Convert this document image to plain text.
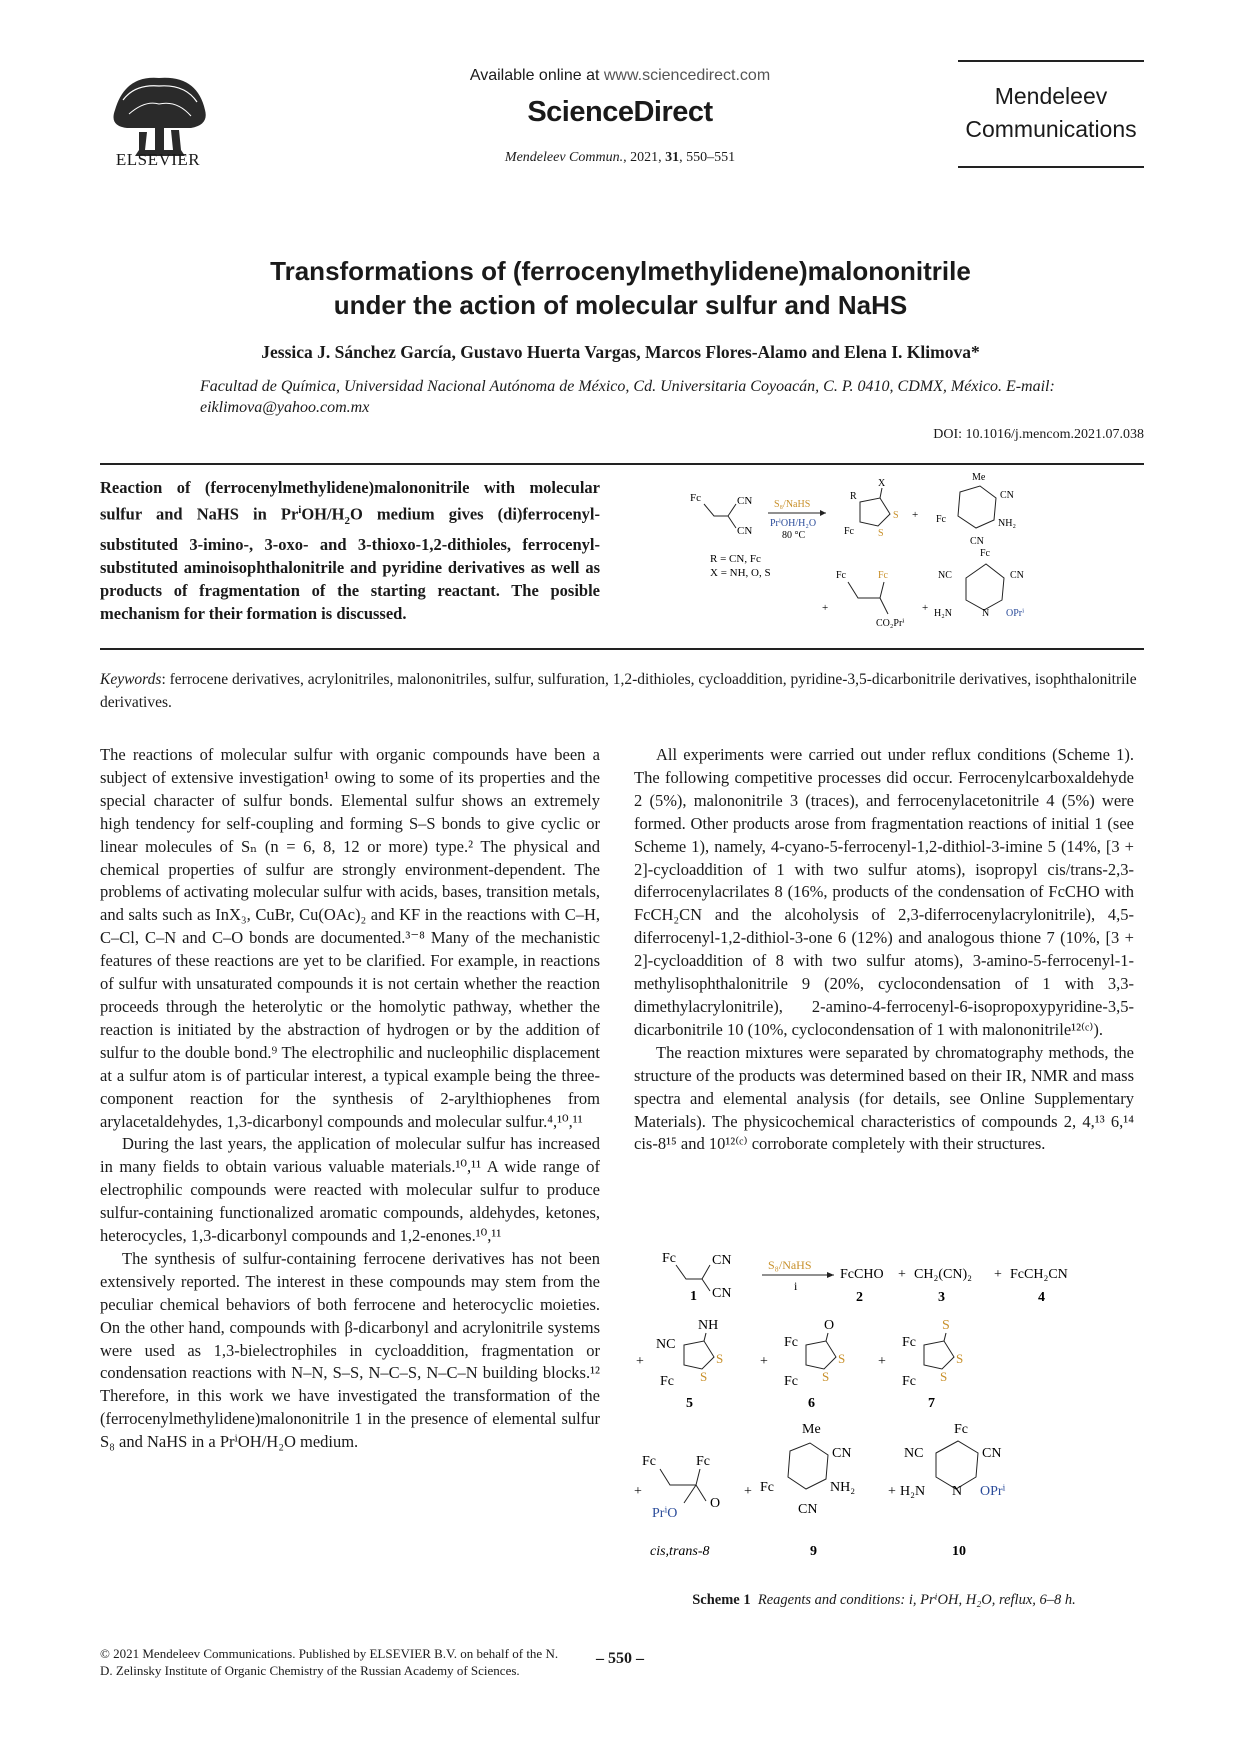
ELSEVIER
Available online at www.sciencedirect.com
ScienceDirect
Mendeleev Commun., 2021, 31, 550–551
Mendeleev
Communications
Transformations of (ferrocenylmethylidene)malononitrile
under the action of molecular sulfur and NaHS
Jessica J. Sánchez García, Gustavo Huerta Vargas, Marcos Flores-Alamo and Elena I. Klimova*
Facultad de Química, Universidad Nacional Autónoma de México, Cd. Universitaria Coyoacán, C. P. 0410, CDMX, México. E-mail: eiklimova@yahoo.com.mx
DOI: 10.1016/j.mencom.2021.07.038
Reaction of (ferrocenylmethylidene)malononitrile with molecular sulfur and NaHS in $Pr^iOH/H_2O$ medium gives (di)ferrocenyl-substituted 3-imino-, 3-oxo- and 3-thioxo-1,2-dithioles, ferrocenyl-substituted aminoisophthalonitrile and pyridine derivatives as well as products of fragmentation of the starting reactant. The posible mechanism for their formation is discussed.
Fc	CN
CN
S₈/NaHS
PrⁱOH/H₂O
80 °C
R
X
S
S
Fc
+
Me
CN
NH₂
Fc
CN
R = CN, Fc
X = NH, O, S
+
Fc	Fc
CO₂Prⁱ
+
Fc
NC	CN
H₂N	N OPrⁱ
Keywords: ferrocene derivatives, acrylonitriles, malononitriles, sulfur, sulfuration, 1,2-dithioles, cycloaddition, pyridine-3,5-dicarbonitrile derivatives, isophthalonitrile derivatives.

The reactions of molecular sulfur with organic compounds have been a subject of extensive investigation¹ owing to some of its properties and the special character of sulfur bonds. Elemental sulfur shows an extremely high tendency for self-coupling and forming S–S bonds to give cyclic or linear molecules of Sₙ (n = 6, 8, 12 or more) type.² The physical and chemical properties of sulfur are strongly environment-dependent. The problems of activating molecular sulfur with acids, bases, transition metals, and salts such as InX₃, CuBr, Cu(OAc)₂ and KF in the reactions with C–H, C–Cl, C–N and C–O bonds are documented.³⁻⁸ Many of the mechanistic features of these reactions are yet to be clarified. For example, in reactions of sulfur with unsaturated compounds it is not certain whether the reaction proceeds through the heterolytic or the homolytic pathway, whether the reaction is initiated by the abstraction of hydrogen or by the addition of sulfur to the double bond.⁹ The electrophilic and nucleophilic displacement at a sulfur atom is of particular interest, a typical example being the three-component reaction for the synthesis of 2-arylthiophenes from arylacetaldehydes, 1,3-dicarbonyl compounds and molecular sulfur.⁴,¹⁰,¹¹

During the last years, the application of molecular sulfur has increased in many fields to obtain various valuable materials.¹⁰,¹¹ A wide range of electrophilic compounds were reacted with molecular sulfur to produce sulfur-containing functionalized aromatic compounds, aldehydes, ketones, heterocycles, 1,3-dicarbonyl compounds and 1,2-enones.¹⁰,¹¹

The synthesis of sulfur-containing ferrocene derivatives has not been extensively reported. The interest in these compounds may stem from the peculiar chemical behaviors of both ferrocene and heterocyclic moieties. On the other hand, compounds with β-dicarbonyl and acrylonitrile systems were used as 1,3-bielectrophiles in cycloaddition, fragmentation or condensation reactions with N–N, S–S, N–C–S, N–C–N building blocks.¹² Therefore, in this work we have investigated the transformation of the (ferrocenylmethylidene)malononitrile 1 in the presence of elemental sulfur S₈ and NaHS in a PrⁱOH/H₂O medium.

All experiments were carried out under reflux conditions (Scheme 1). The following competitive processes did occur. Ferrocenylcarboxaldehyde 2 (5%), malononitrile 3 (traces), and ferrocenylacetonitrile 4 (5%) were formed. Other products arose from fragmentation reactions of initial 1 (see Scheme 1), namely, 4-cyano-5-ferrocenyl-1,2-dithiol-3-imine 5 (14%, [3 + 2]-cycloaddition of 1 with two sulfur atoms), isopropyl cis/trans-2,3-diferrocenylacrilates 8 (16%, products of the condensation of FcCHO with FcCH₂CN and the alcoholysis of 2,3-diferrocenylacrylonitrile), 4,5-diferrocenyl-1,2-dithiol-3-one 6 (12%) and analogous thione 7 (10%, [3 + 2]-cycloaddition of 8 with two sulfur atoms), 3-amino-5-ferrocenyl-1-methylisophthalonitrile 9 (20%, cyclocondensation of 1 with 3,3-dimethylacrylonitrile), 2-amino-4-ferrocenyl-6-isopropoxypyridine-3,5-dicarbonitrile 10 (10%, cyclocondensation of 1 with malononitrile¹²⁽ᶜ⁾).

The reaction mixtures were separated by chromatography methods, the structure of the products was determined based on their IR, NMR and mass spectra and elemental analysis (for details, see Online Supplementary Materials). The physicochemical characteristics of compounds 2, 4,¹³ 6,¹⁴ cis-8¹⁵ and 10¹²⁽ᶜ⁾ corroborate completely with their structures.

Fc	CN
CN
1
S₈/NaHS
i
FcCHO
2
+ CH₂(CN)₂
3
+ FcCH₂CN
4
+
NC
NH
S
S
Fc
5
+
Fc
O
S
S
Fc
6
+
Fc
S
S
S
Fc
7
+
Fc	Fc
O
PrⁱO
cis,trans-8
+
Me
CN
NH₂
Fc
CN
9
+
Fc
NC	CN
H₂N N OPrⁱ
10
Scheme 1 Reagents and conditions: i, PrⁱOH, H₂O, reflux, 6–8 h.
© 2021 Mendeleev Communications. Published by ELSEVIER B.V. on behalf of the N. D. Zelinsky Institute of Organic Chemistry of the Russian Academy of Sciences.
– 550 –
